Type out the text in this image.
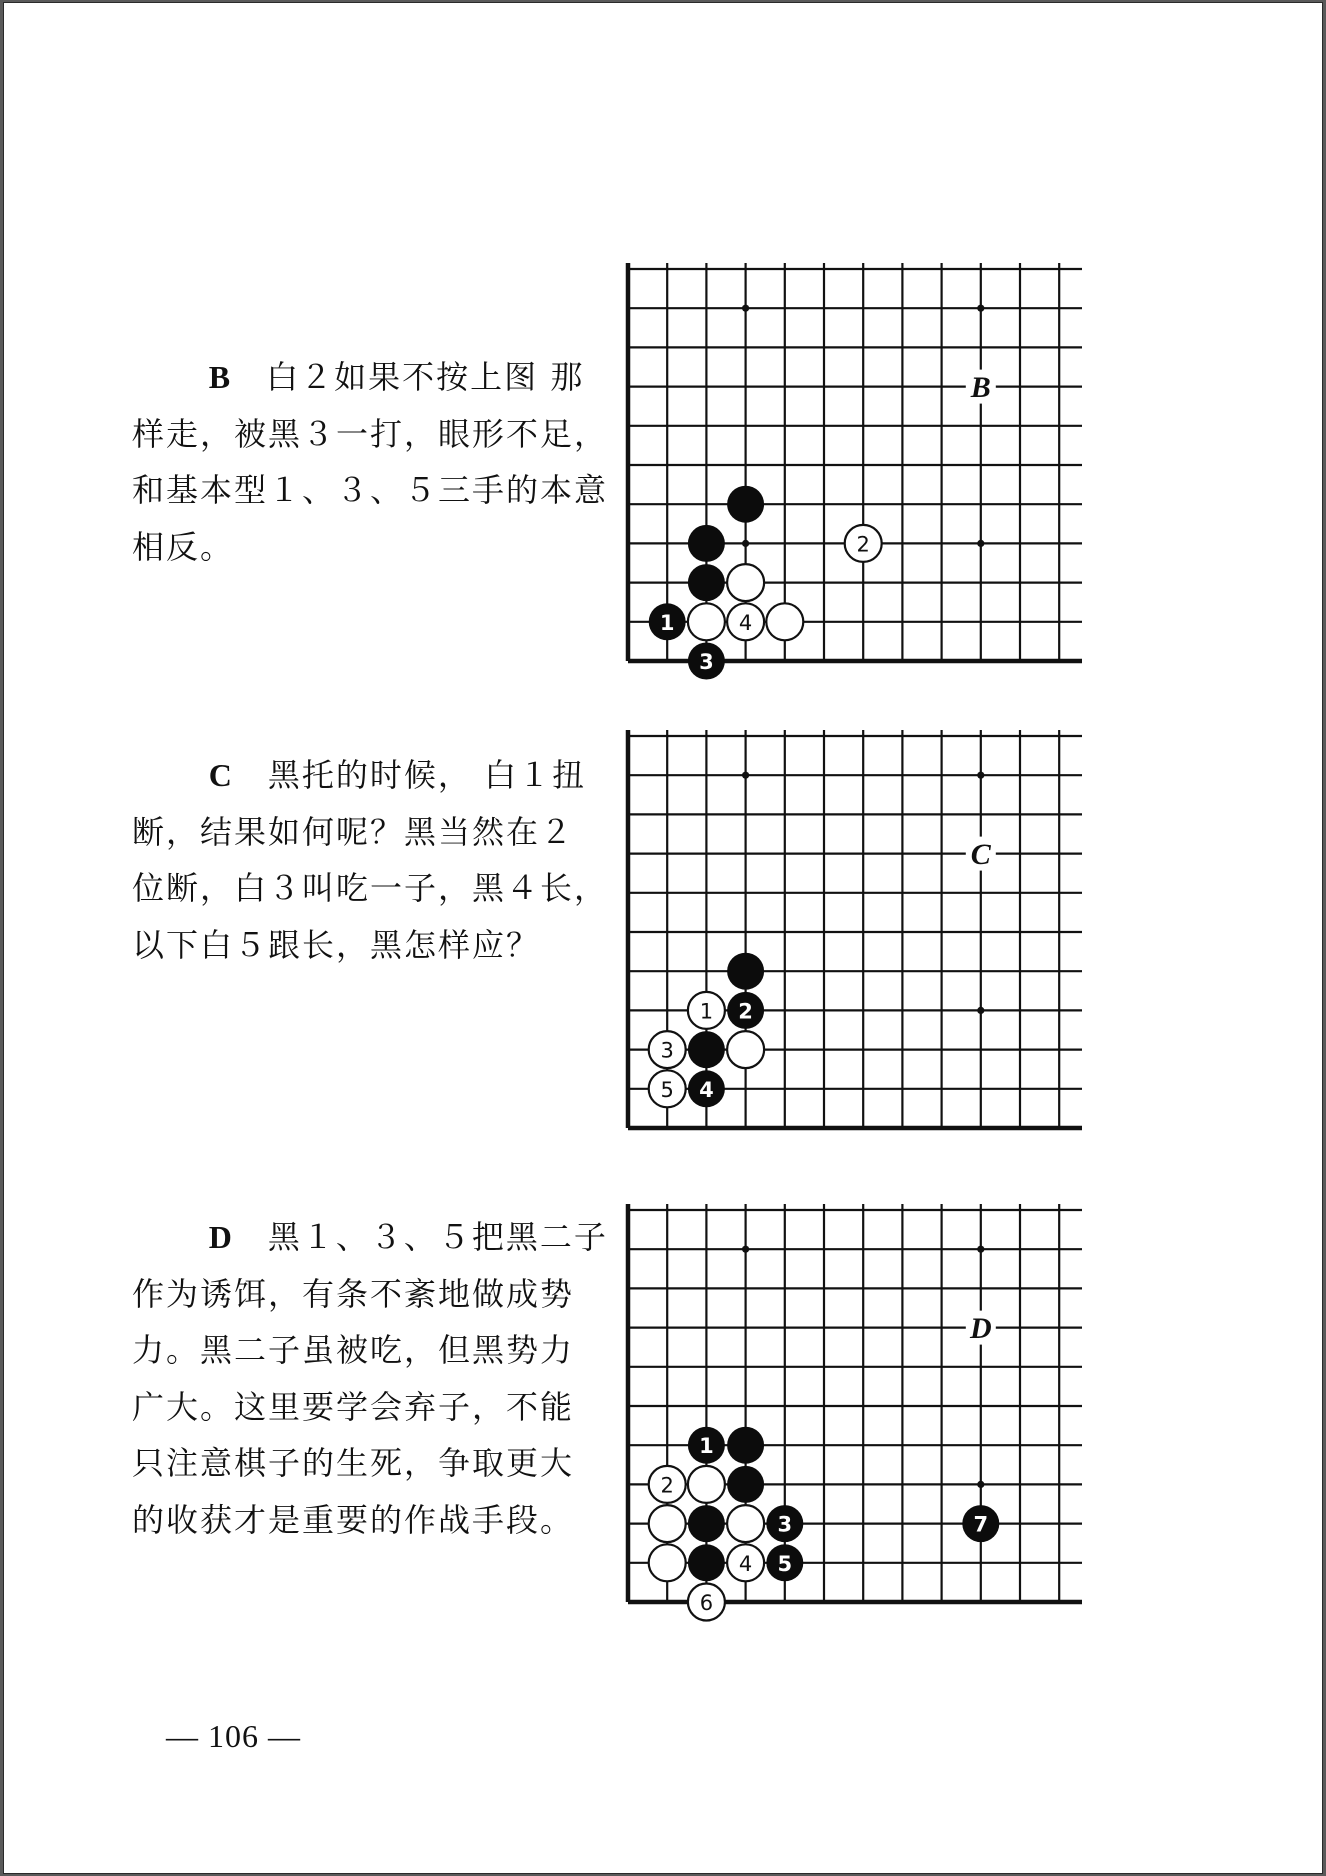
B　 白２如果不按上图 那

样走，被黑３一打，眼形不足，

和基本型１、３、５三手的本意

相反。

B
1	4
2
3

C　 黑托的时候， 白１扭

断，结果如何呢？黑当然在２

位断，白３叫吃一子，黑４长，

以下白５跟长，黑怎样应？

C
1 2
3
5 4

D　 黑１、３、５把黑二子

作为诱饵，有条不紊地做成势

力。黑二子虽被吃，但黑势力

广大。这里要学会弃子，不能

只注意棋子的生死，争取更大

的收获才是重要的作战手段。

D
1
2
3	7
4 5
6
— 106 —
